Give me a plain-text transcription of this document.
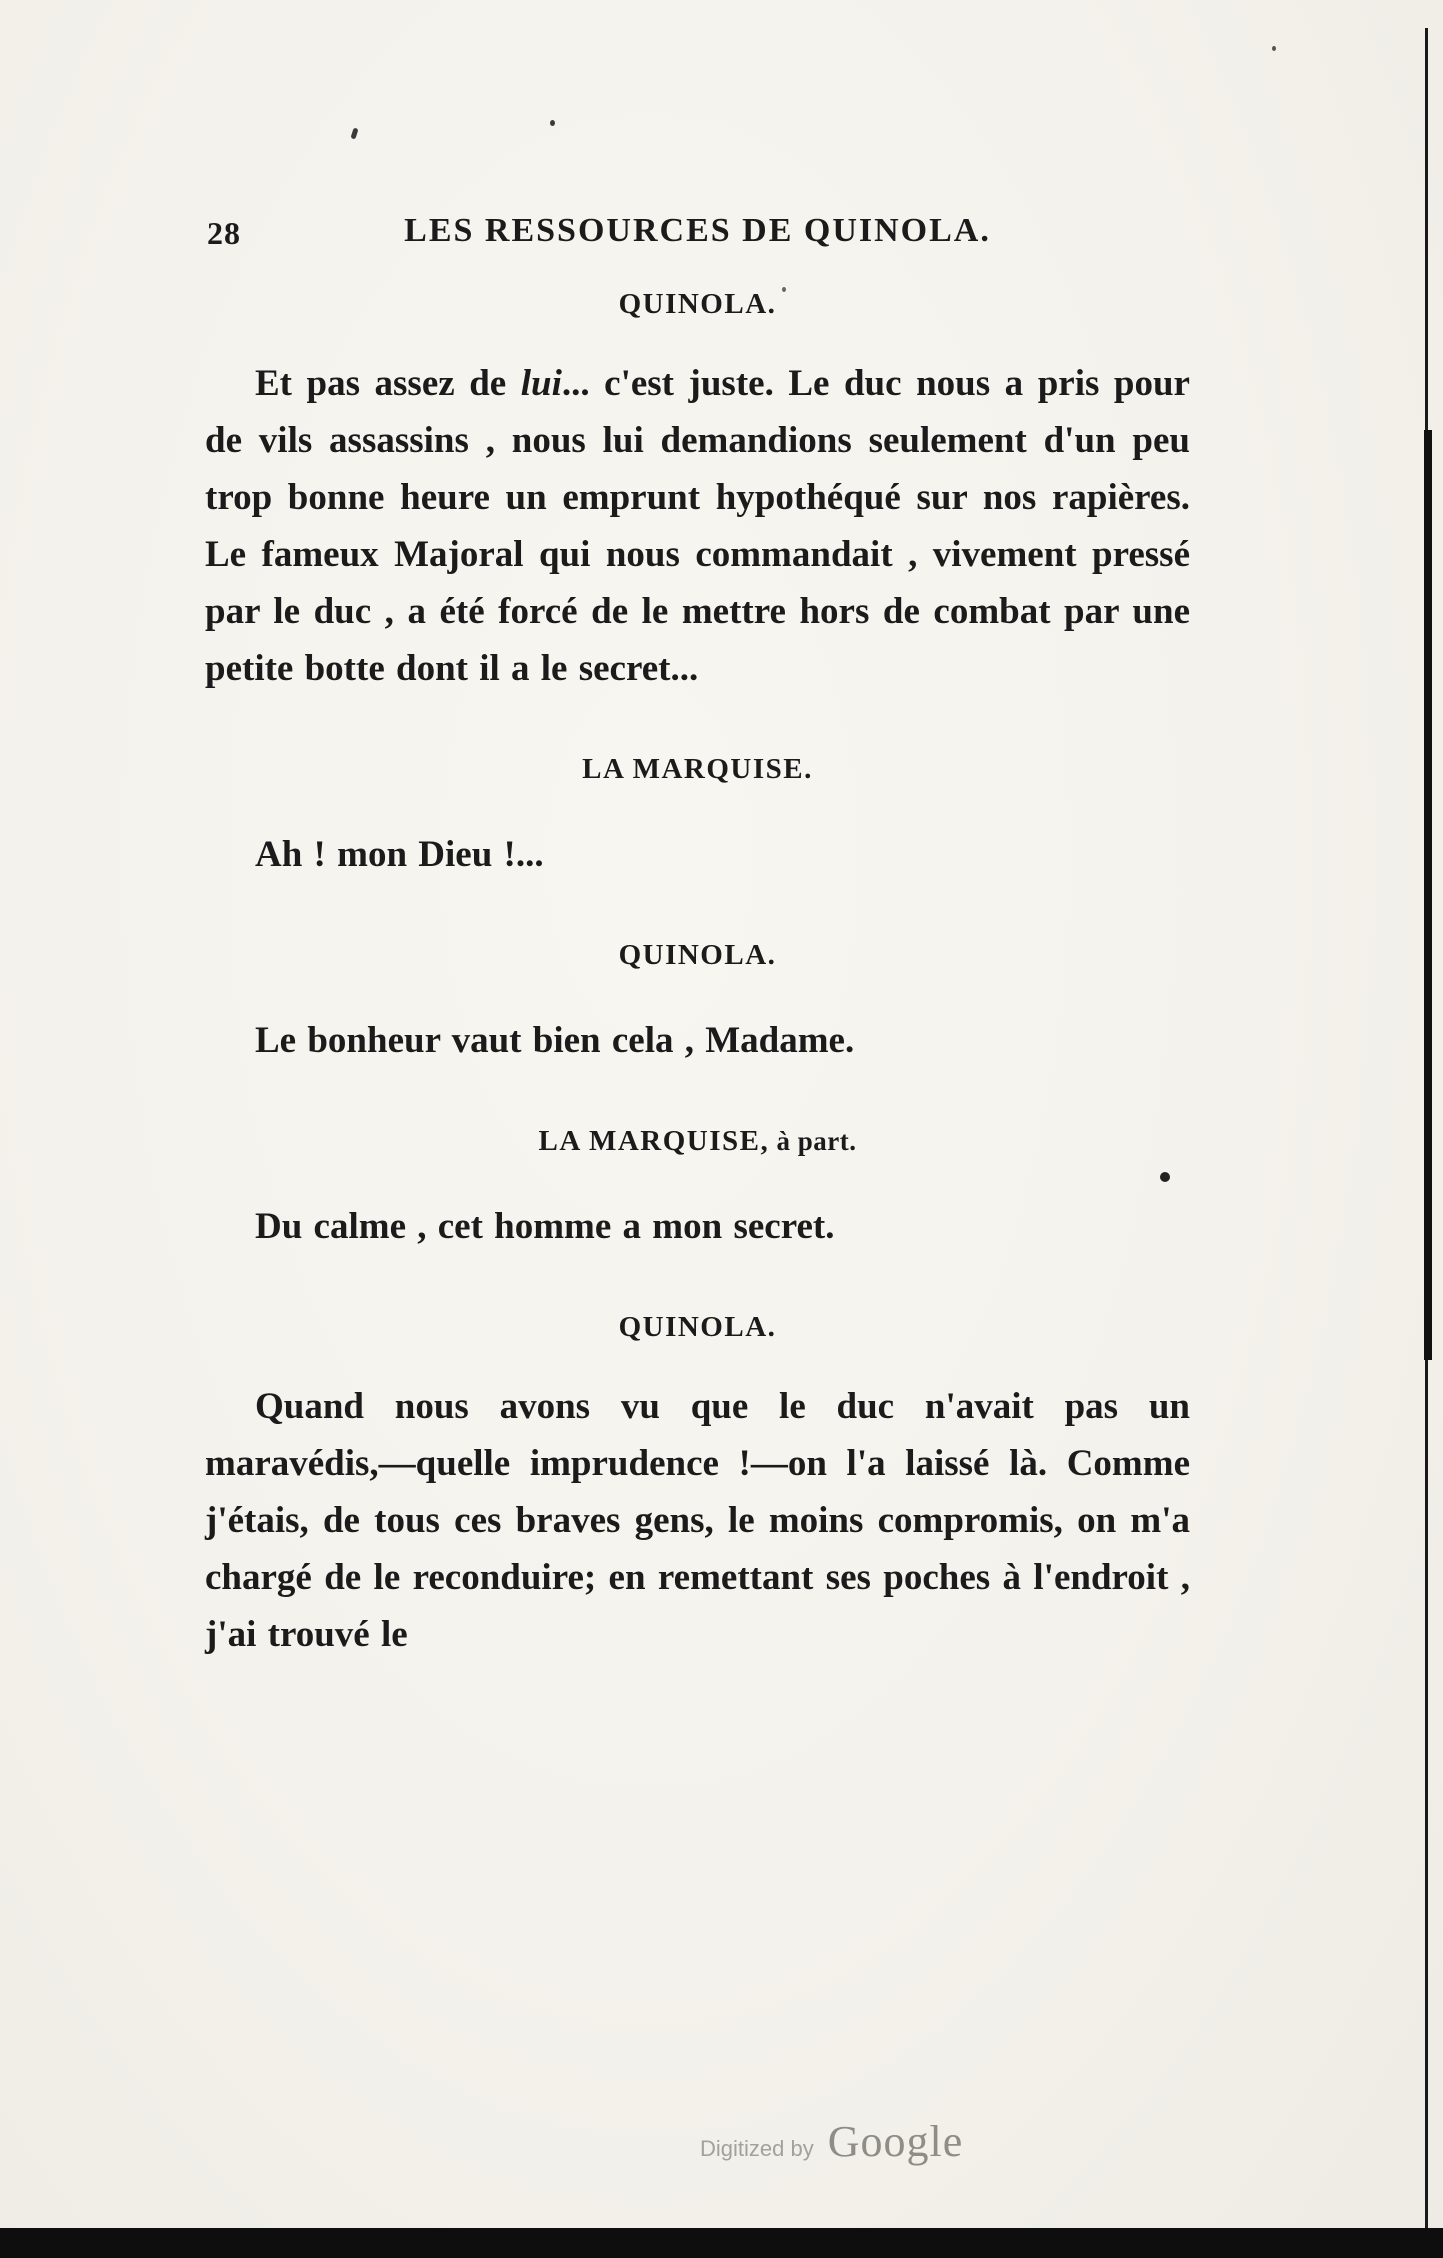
28	LES RESSOURCES DE QUINOLA.
QUINOLA.

Et pas assez de lui... c'est juste. Le duc nous a pris pour de vils assassins , nous lui demandions seulement d'un peu trop bonne heure un emprunt hypothéqué sur nos rapières. Le fameux Majoral qui nous commandait , vivement pressé par le duc , a été forcé de le mettre hors de combat par une petite botte dont il a le secret...

LA MARQUISE.

Ah ! mon Dieu !...

QUINOLA.

Le bonheur vaut bien cela , Madame.

LA MARQUISE, à part.

Du calme , cet homme a mon secret.

QUINOLA.

Quand nous avons vu que le duc n'avait pas un maravédis,—quelle imprudence !—on l'a laissé là. Comme j'étais, de tous ces braves gens, le moins compromis, on m'a chargé de le reconduire; en remettant ses poches à l'endroit , j'ai trouvé le

Digitized by Google
